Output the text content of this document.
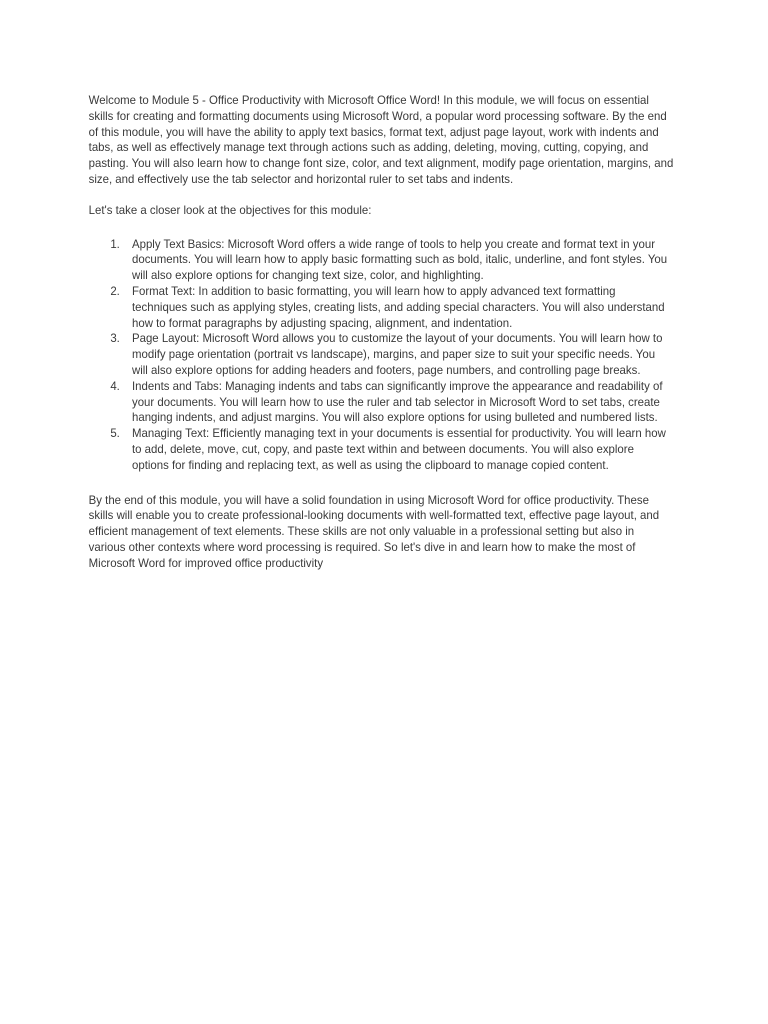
Welcome to Module 5 - Office Productivity with Microsoft Office Word! In this module, we will focus on essential skills for creating and formatting documents using Microsoft Word, a popular word processing software. By the end of this module, you will have the ability to apply text basics, format text, adjust page layout, work with indents and tabs, as well as effectively manage text through actions such as adding, deleting, moving, cutting, copying, and pasting. You will also learn how to change font size, color, and text alignment, modify page orientation, margins, and size, and effectively use the tab selector and horizontal ruler to set tabs and indents.

Let's take a closer look at the objectives for this module:

1.	Apply Text Basics: Microsoft Word offers a wide range of tools to help you create and format text in your documents. You will learn how to apply basic formatting such as bold, italic, underline, and font styles. You will also explore options for changing text size, color, and highlighting.
2.	Format Text: In addition to basic formatting, you will learn how to apply advanced text formatting techniques such as applying styles, creating lists, and adding special characters. You will also understand how to format paragraphs by adjusting spacing, alignment, and indentation.
3.	Page Layout: Microsoft Word allows you to customize the layout of your documents. You will learn how to modify page orientation (portrait vs landscape), margins, and paper size to suit your specific needs. You will also explore options for adding headers and footers, page numbers, and controlling page breaks.
4.	Indents and Tabs: Managing indents and tabs can significantly improve the appearance and readability of your documents. You will learn how to use the ruler and tab selector in Microsoft Word to set tabs, create hanging indents, and adjust margins. You will also explore options for using bulleted and numbered lists.
5.	Managing Text: Efficiently managing text in your documents is essential for productivity. You will learn how to add, delete, move, cut, copy, and paste text within and between documents. You will also explore options for finding and replacing text, as well as using the clipboard to manage copied content.

By the end of this module, you will have a solid foundation in using Microsoft Word for office productivity. These skills will enable you to create professional-looking documents with well-formatted text, effective page layout, and efficient management of text elements. These skills are not only valuable in a professional setting but also in various other contexts where word processing is required. So let's dive in and learn how to make the most of Microsoft Word for improved office productivity
